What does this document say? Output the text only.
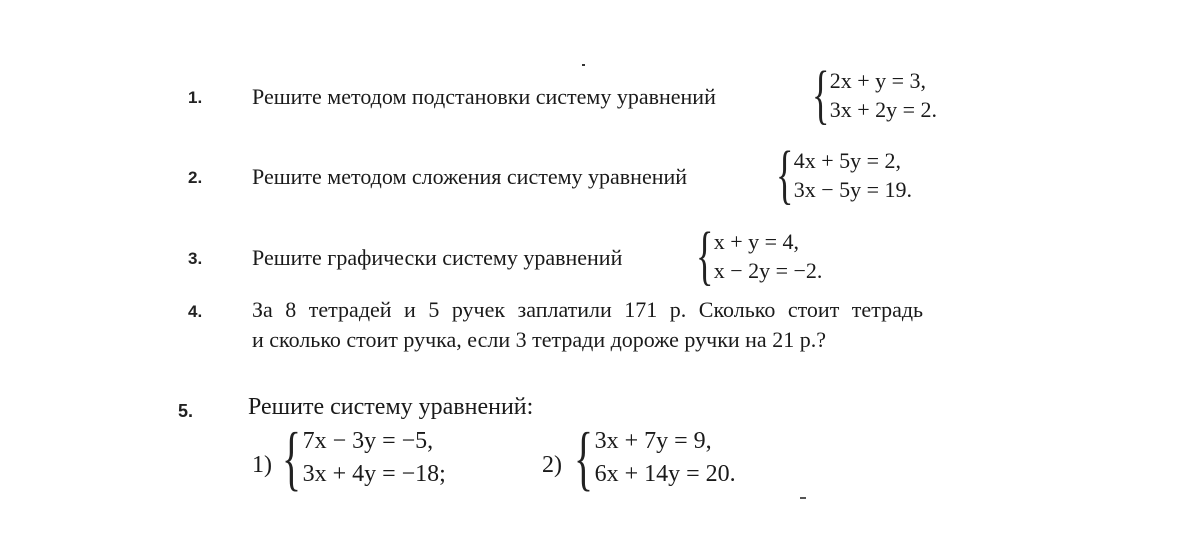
1. Решите методом подстановки систему уравнений { 2x + y = 3,
3x + 2y = 2.
2. Решите методом сложения систему уравнений { 4x + 5y = 2,
3x − 5y = 19.
3. Решите графически систему уравнений { x + y = 4,
x − 2y = −2.
4. За 8 тетрадей и 5 ручек заплатили 171 р. Сколько стоит тетрадь
и сколько стоит ручка, если 3 тетради дороже ручки на 21 р.?
5. Решите систему уравнений:
1) { 7x − 3y = −5,
3x + 4y = −18;	2) { 3x + 7y = 9,
6x + 14y = 20.
